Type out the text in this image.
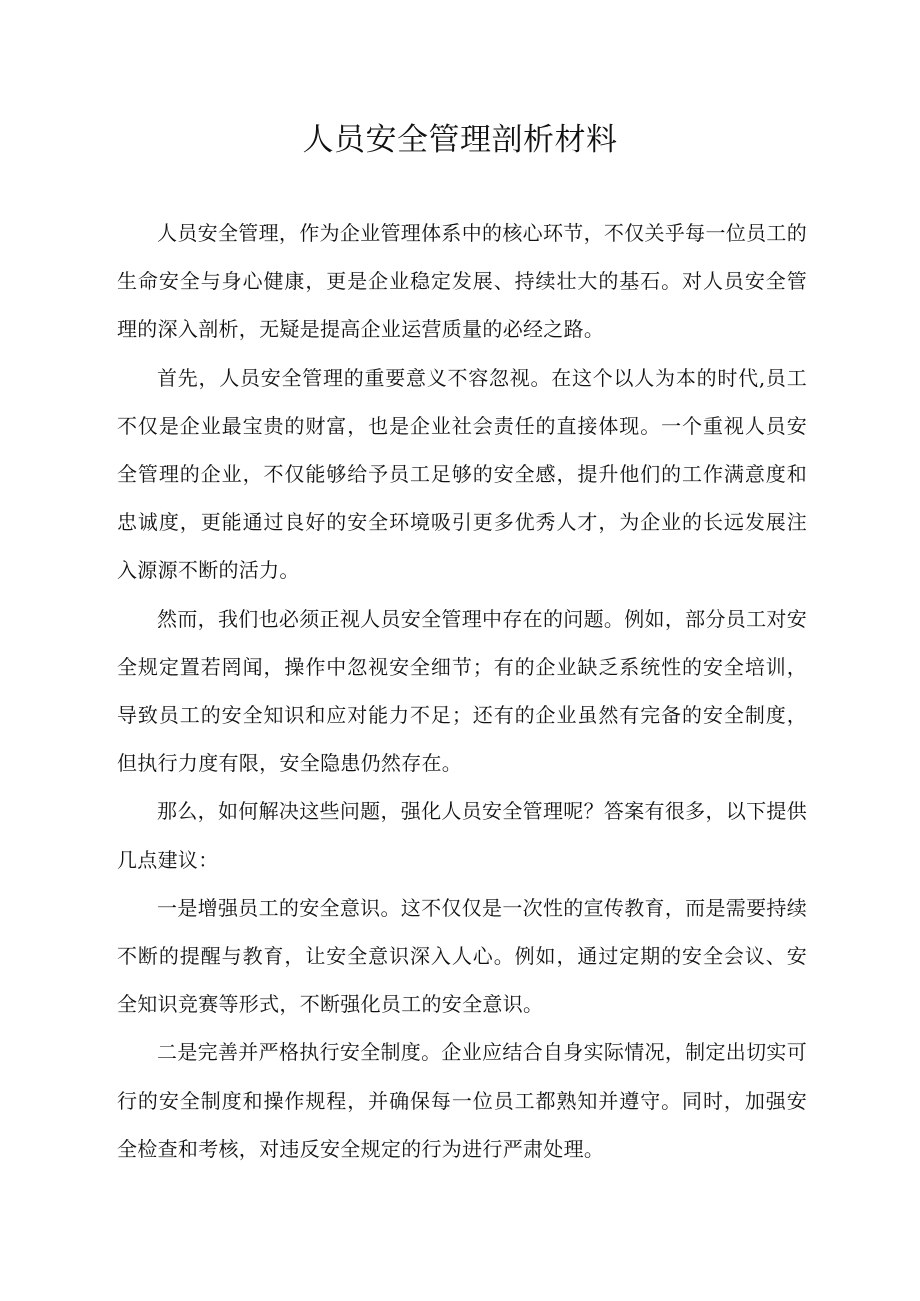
人员安全管理剖析材料

人员安全管理，作为企业管理体系中的核心环节，不仅关乎每一位员工的生命安全与身心健康，更是企业稳定发展、持续壮大的基石。对人员安全管理的深入剖析，无疑是提高企业运营质量的必经之路。

首先，人员安全管理的重要意义不容忽视。在这个以人为本的时代,员工不仅是企业最宝贵的财富，也是企业社会责任的直接体现。一个重视人员安全管理的企业，不仅能够给予员工足够的安全感，提升他们的工作满意度和忠诚度，更能通过良好的安全环境吸引更多优秀人才，为企业的长远发展注入源源不断的活力。

然而，我们也必须正视人员安全管理中存在的问题。例如，部分员工对安全规定置若罔闻，操作中忽视安全细节；有的企业缺乏系统性的安全培训，导致员工的安全知识和应对能力不足；还有的企业虽然有完备的安全制度，但执行力度有限，安全隐患仍然存在。

那么，如何解决这些问题，强化人员安全管理呢？答案有很多，以下提供几点建议：

一是增强员工的安全意识。这不仅仅是一次性的宣传教育，而是需要持续不断的提醒与教育，让安全意识深入人心。例如，通过定期的安全会议、安全知识竞赛等形式，不断强化员工的安全意识。

二是完善并严格执行安全制度。企业应结合自身实际情况，制定出切实可行的安全制度和操作规程，并确保每一位员工都熟知并遵守。同时，加强安全检查和考核，对违反安全规定的行为进行严肃处理。
